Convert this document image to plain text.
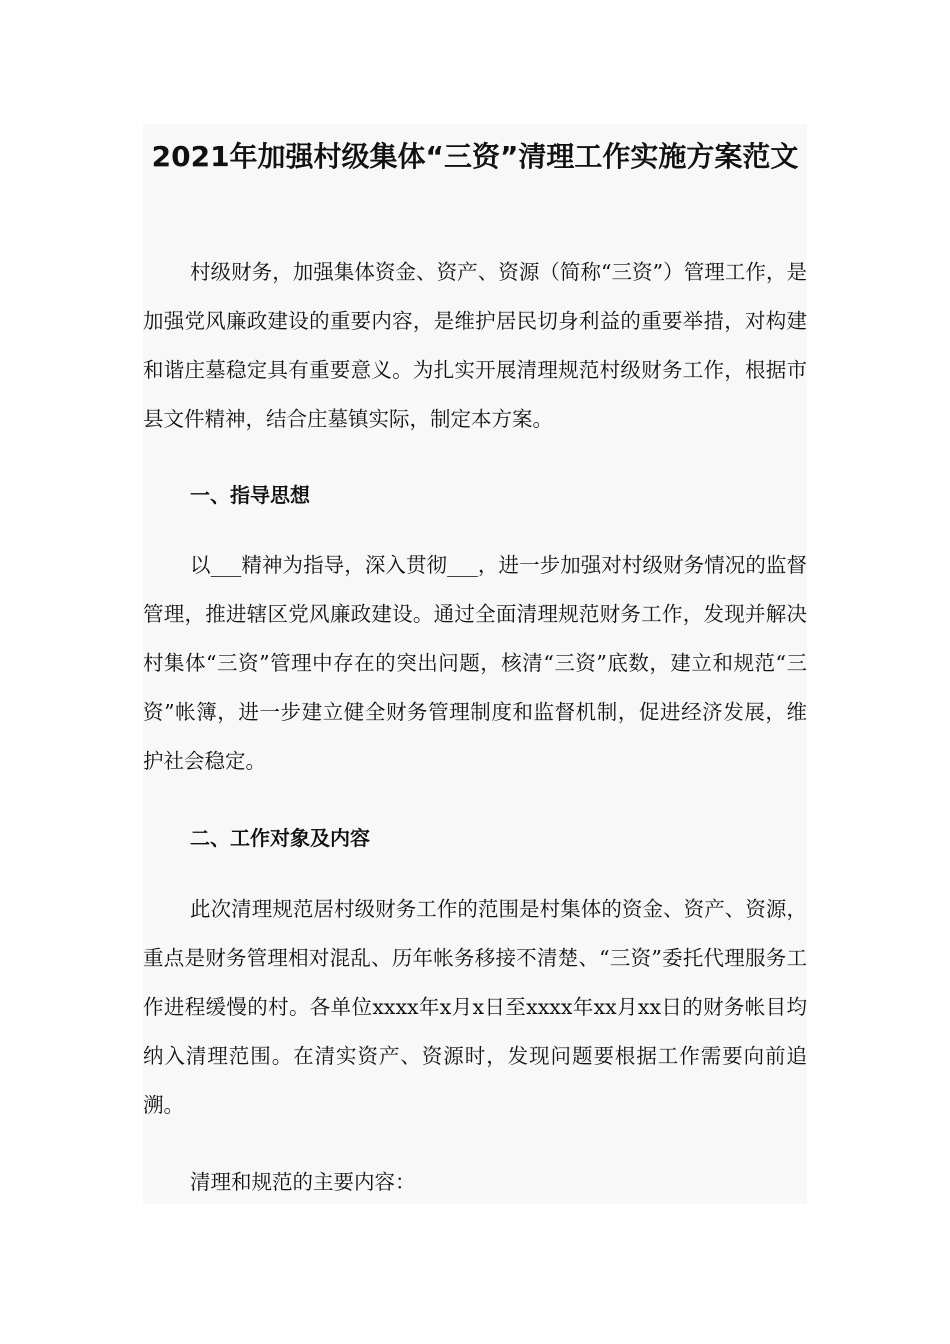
2021年加强村级集体“三资”清理工作实施方案范文

村级财务，加强集体资金、资产、资源（简称“三资”）管理工作，是加强党风廉政建设的重要内容，是维护居民切身利益的重要举措，对构建和谐庄墓稳定具有重要意义。为扎实开展清理规范村级财务工作，根据市县文件精神，结合庄墓镇实际，制定本方案。

一、指导思想

以___精神为指导，深入贯彻___，进一步加强对村级财务情况的监督管理，推进辖区党风廉政建设。通过全面清理规范财务工作，发现并解决村集体“三资”管理中存在的突出问题，核清“三资”底数，建立和规范“三资”帐簿，进一步建立健全财务管理制度和监督机制，促进经济发展，维护社会稳定。

二、工作对象及内容

此次清理规范居村级财务工作的范围是村集体的资金、资产、资源，重点是财务管理相对混乱、历年帐务移接不清楚、“三资”委托代理服务工作进程缓慢的村。各单位xxxx年x月x日至xxxx年xx月xx日的财务帐目均纳入清理范围。在清实资产、资源时，发现问题要根据工作需要向前追溯。

清理和规范的主要内容：
